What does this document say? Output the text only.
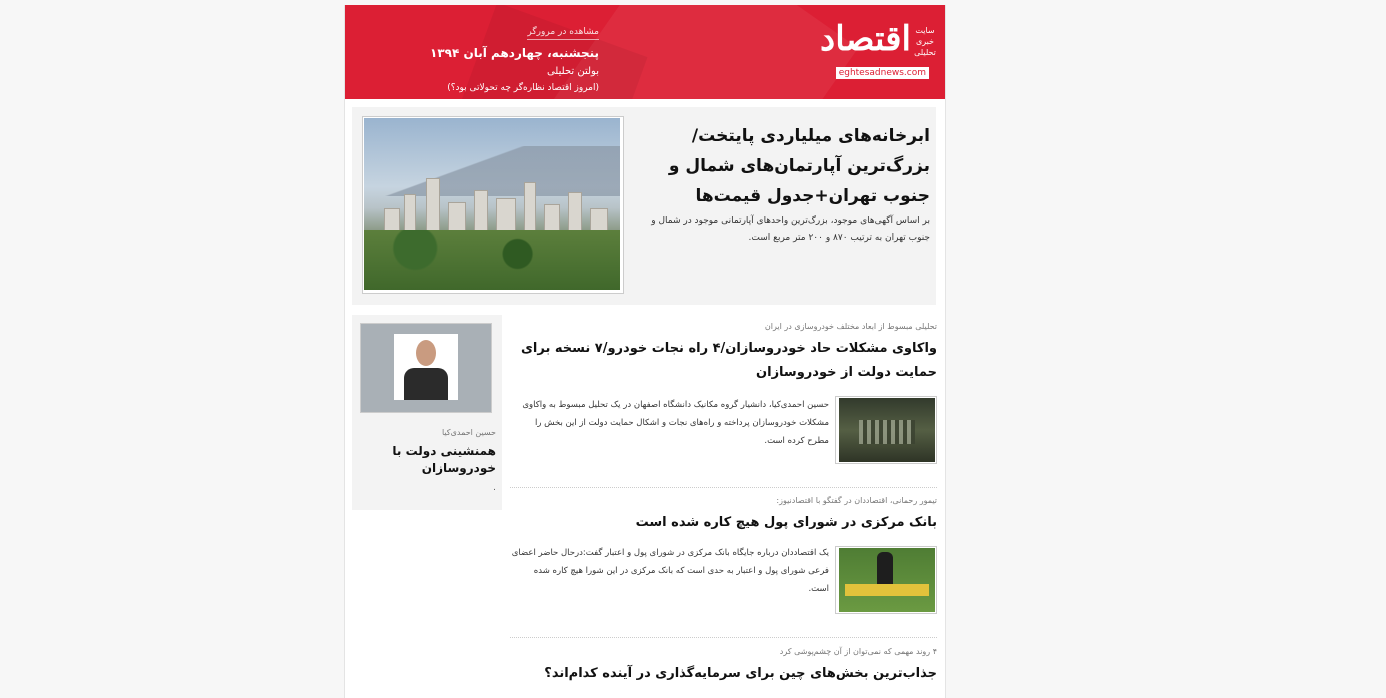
اقتصاد سایت خبری تحلیلی
eghtesadnews.com
مشاهده در مرورگر
پنجشنبه، چهاردهم آبان ۱۳۹۴
بولتن تحلیلی
(امروز اقتصاد نظاره‌گر چه تحولاتی بود؟)
ابرخانه‌های میلیاردی پایتخت/بزرگ‌ترین آپارتمان‌های شمال و جنوب تهران+جدول قیمت‌ها
بر اساس آگهی‌های موجود، بزرگ‌ترین واحدهای آپارتمانی موجود در شمال و جنوب تهران به ترتیب ۸۷۰ و ۲۰۰ متر مربع است.
حسین احمدی‌کیا
همنشینی دولت با خودروسازان
.
تحلیلی مبسوط از ابعاد مختلف خودروسازی در ایران
واکاوی مشکلات حاد خودروسازان/۴ راه نجات خودرو/۷ نسخه برای حمایت دولت از خودروسازان
حسین احمدی‌کیا، دانشیار گروه مکانیک دانشگاه اصفهان در یک تحلیل مبسوط به واکاوی مشکلات خودروسازان پرداخته و راه‌های نجات و اشکال حمایت دولت از این بخش را مطرح کرده است.
تیمور رحمانی، اقتصاددان در گفتگو با اقتصادنیوز:
بانک مرکزی در شورای پول هیچ کاره شده است
یک اقتصاددان درباره جایگاه بانک مرکزی در شورای پول و اعتبار گفت:درحال حاضر اعضای فرعی شورای پول و اعتبار به حدی است که بانک مرکزی در این شورا هیچ کاره شده است.
۴ روند مهمی که نمی‌توان از آن چشم‌پوشی کرد
جذاب‌ترین بخش‌های چین برای سرمایه‌گذاری در آینده کدام‌اند؟
